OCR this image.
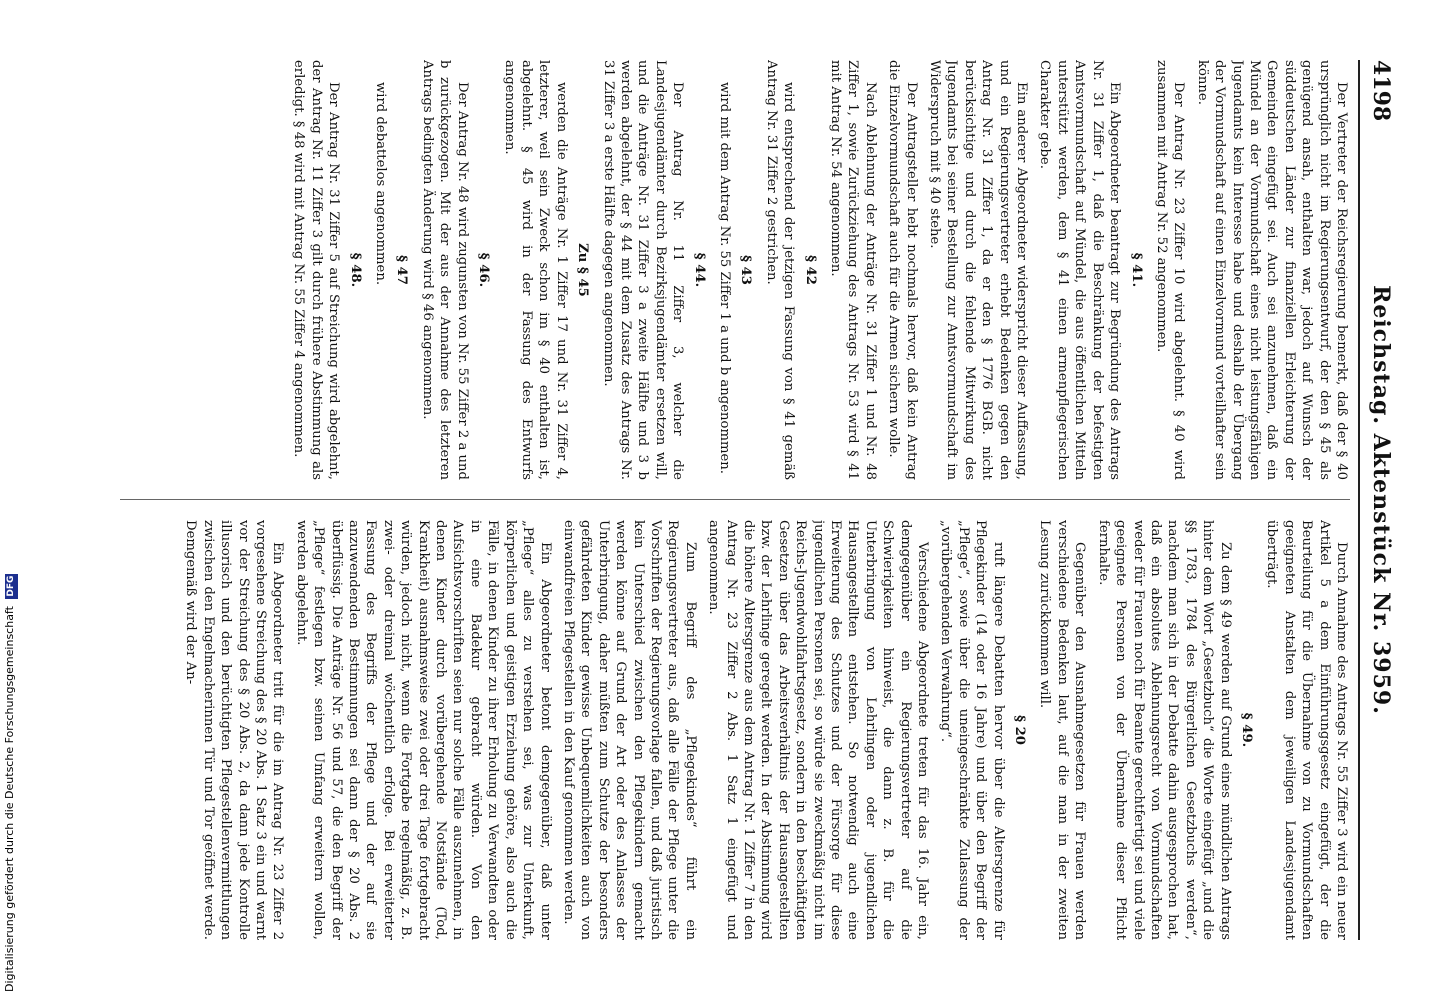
4198
Reichstag. Aktenstück Nr. 3959.

Der Vertreter der Reichsregierung bemerkt, daß der § 40 ursprünglich nicht im Regierungsentwurf, der den § 45 als genügend ansah, enthalten war, jedoch auf Wunsch der süddeutschen Länder zur finanziellen Erleichterung der Gemeinden eingefügt sei. Auch sei anzunehmen, daß ein Mündel an der Vormundschaft eines nicht leistungsfähigen Jugendamts kein Interesse habe und deshalb der Übergang der Vormundschaft auf einen Einzelvormund vorteilhafter sein könne.

Der Antrag Nr. 23 Ziffer 10 wird abgelehnt. § 40 wird zusammen mit Antrag Nr. 52 angenommen.

§ 41.

Ein Abgeordneter beantragt zur Begründung des Antrags Nr. 31 Ziffer 1, daß die Beschränkung der befestigten Amtsvormundschaft auf Mündel, die aus öffentlichen Mitteln unterstützt werden, dem § 41 einen armenpflegerischen Charakter gebe.

Ein anderer Abgeordneter widerspricht dieser Auffassung, und ein Regierungsvertreter erhebt Bedenken gegen den Antrag Nr. 31 Ziffer 1, da er den § 1776 BGB. nicht berücksichtige und durch die fehlende Mitwirkung des Jugendamts bei seiner Bestellung zur Amtsvormundschaft im Widerspruch mit § 40 stehe.

Der Antragsteller hebt nochmals hervor, daß kein Antrag die Einzelvormundschaft auch für die Armen sichern wolle.

Nach Ablehnung der Anträge Nr. 31 Ziffer 1 und Nr. 48 Ziffer 1, sowie Zurückziehung des Antrags Nr. 53 wird § 41 mit Antrag Nr. 54 angenommen.

§ 42

wird entsprechend der jetzigen Fassung von § 41 gemäß Antrag Nr. 31 Ziffer 2 gestrichen.

§ 43

wird mit dem Antrag Nr. 55 Ziffer 1 a und b angenommen.

§ 44.

Der Antrag Nr. 11 Ziffer 3, welcher die Landesjugendämter durch Bezirksjugendämter ersetzen will, und die Anträge Nr. 31 Ziffer 3 a zweite Hälfte und 3 b werden abgelehnt, der § 44 mit dem Zusatz des Antrags Nr. 31 Ziffer 3 a erste Hälfte dagegen angenommen.

Zu § 45

werden die Anträge Nr. 1 Ziffer 17 und Nr. 31 Ziffer 4, letzterer, weil sein Zweck schon im § 40 enthalten ist, abgelehnt. § 45 wird in der Fassung des Entwurfs angenommen.

§ 46.

Der Antrag Nr. 48 wird zugunsten von Nr. 55 Ziffer 2 a und b zurückgezogen. Mit der aus der Annahme des letzteren Antrags bedingten Änderung wird § 46 angenommen.

§ 47

wird debattelos angenommen.

§ 48.

Der Antrag Nr. 31 Ziffer 5 auf Streichung wird abgelehnt, der Antrag Nr. 11 Ziffer 3 gilt durch frühere Abstimmung als erledigt. § 48 wird mit Antrag Nr. 55 Ziffer 4 angenommen.

Durch Annahme des Antrags Nr. 55 Ziffer 3 wird ein neuer Artikel 5 a dem Einführungsgesetz eingefügt, der die Beurteilung für die Übernahme von zu Vormundschaften geeigneten Anstalten dem jeweiligen Landesjugendamt überträgt.

§ 49.

Zu dem § 49 werden auf Grund eines mündlichen Antrags hinter dem Wort „Gesetzbuch“ die Worte eingefügt „und die §§ 1783, 1784 des Bürgerlichen Gesetzbuchs werden“, nachdem man sich in der Debatte dahin ausgesprochen hat, daß ein absolutes Ablehnungsrecht von Vormundschaften weder für Frauen noch für Beamte gerechtfertigt sei und viele geeignete Personen von der Übernahme dieser Pflicht fernhalte.

Gegenüber den Ausnahmegesetzen für Frauen werden verschiedene Bedenken laut, auf die man in der zweiten Lesung zurückkommen will.

§ 20

ruft längere Debatten hervor über die Altersgrenze für Pflegekinder (14 oder 16 Jahre) und über den Begriff der „Pflege“, sowie über die uneingeschränkte Zulassung der „vorübergehenden Verwahrung“.

Verschiedene Abgeordnete treten für das 16. Jahr ein, demgegenüber ein Regierungsvertreter auf die Schwierigkeiten hinweist, die dann z. B. für die Unterbringung von Lehrlingen oder jugendlichen Hausangestellten entstehen. So notwendig auch eine Erweiterung des Schutzes und der Fürsorge für diese jugendlichen Personen sei, so würde sie zweckmäßig nicht im Reichs-Jugendwohlfahrtsgesetz, sondern in den beschäftigten Gesetzen über das Arbeitsverhältnis der Hausangestellten bzw. der Lehrlinge geregelt werden. In der Abstimmung wird die höhere Altersgrenze aus dem Antrag Nr. 1 Ziffer 7 in den Antrag Nr. 23 Ziffer 2 Abs. 1 Satz 1 eingefügt und angenommen.

Zum Begriff des „Pflegekindes“ führt ein Regierungsvertreter aus, daß alle Fälle der Pflege unter die Vorschriften der Regierungsvorlage fallen, und daß juristisch kein Unterschied zwischen den Pflegekindern gemacht werden könne auf Grund der Art oder des Anlasses der Unterbringung, daher müßten zum Schutze der besonders gefährdeten Kinder gewisse Unbequemlichkeiten auch von einwandfreien Pflegestellen in den Kauf genommen werden.

Ein Abgeordneter betont demgegenüber, daß unter „Pflege“ alles zu verstehen sei, was zur Unterkunft, körperlichen und geistigen Erziehung gehöre, also auch die Fälle, in denen Kinder zu ihrer Erholung zu Verwandten oder in eine Badekur gebracht würden. Von den Aufsichtsvorschriften seien nur solche Fälle auszunehmen, in denen Kinder durch vorübergehende Notstände (Tod, Krankheit) ausnahmsweise zwei oder drei Tage fortgebracht würden, jedoch nicht, wenn die Fortgabe regelmäßig, z. B. zwei- oder dreimal wöchentlich erfolge. Bei erweiterter Fassung des Begriffs der Pflege und der auf sie anzuwendenden Bestimmungen sei dann der § 20 Abs. 2 überflüssig. Die Anträge Nr. 56 und 57, die den Begriff der „Pflege“ festlegen bzw. seinen Umfang erweitern wollen, werden abgelehnt.

Ein Abgeordneter tritt für die im Antrag Nr. 23 Ziffer 2 vorgesehene Streichung des § 20 Abs. 1 Satz 3 ein und warnt vor der Streichung des § 20 Abs. 2, da dann jede Kontrolle illusorisch und den berüchtigten Pflegestellenvermittlungen zwischen den Engelmacherinnen Tür und Tor geöffnet werde. Demgemäß wird der An-

Digitalisierung gefördert durch die Deutsche Forschungsgemeinschaft DFG
